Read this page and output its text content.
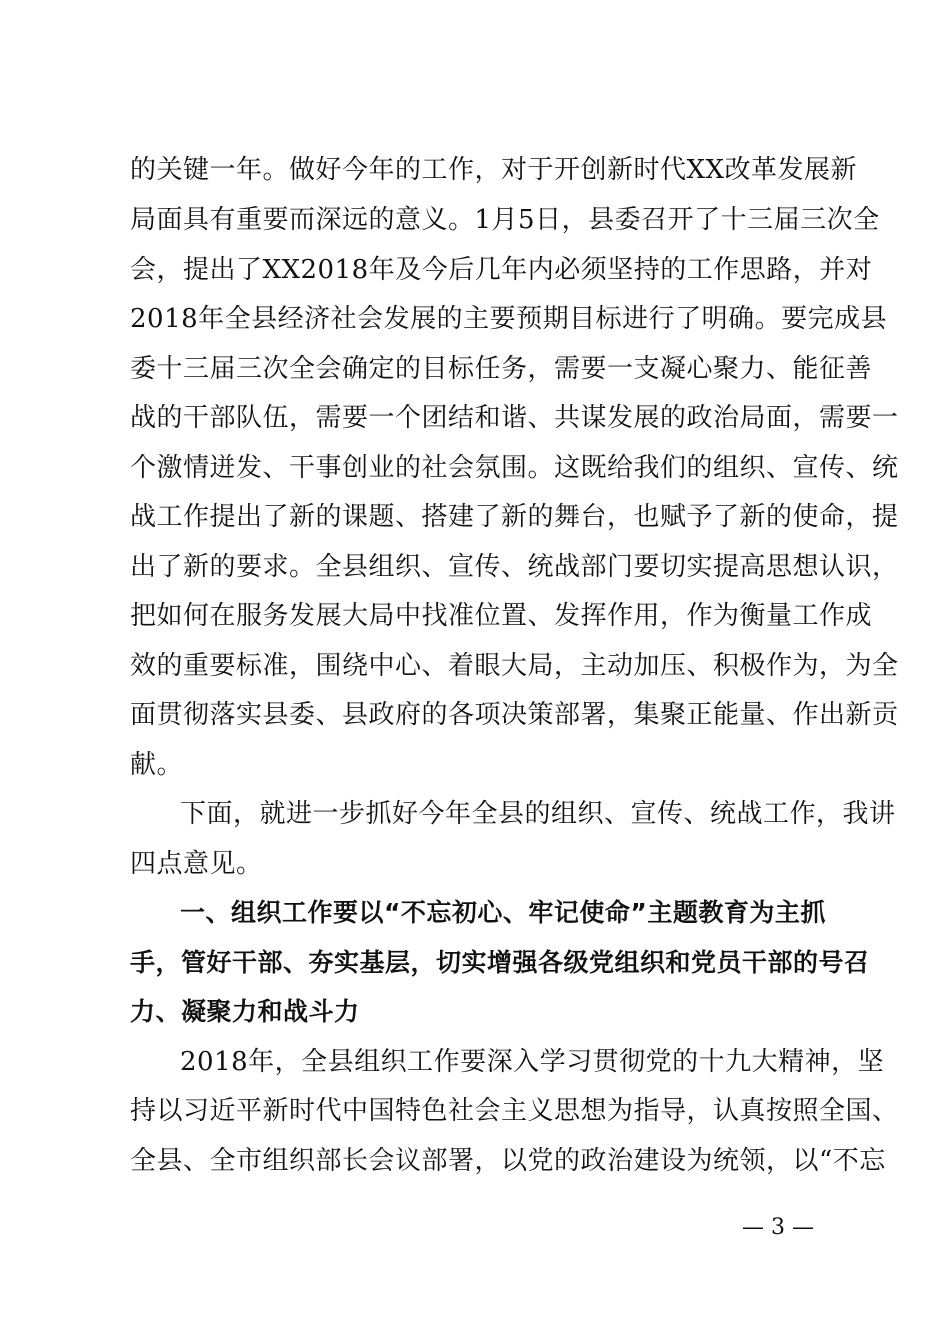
的关键一年。做好今年的工作，对于开创新时代XX改革发展新
局面具有重要而深远的意义。1月5日，县委召开了十三届三次全
会，提出了XX2018年及今后几年内必须坚持的工作思路，并对
2018年全县经济社会发展的主要预期目标进行了明确。要完成县
委十三届三次全会确定的目标任务，需要一支凝心聚力、能征善
战的干部队伍，需要一个团结和谐、共谋发展的政治局面，需要一
个激情迸发、干事创业的社会氛围。这既给我们的组织、宣传、统
战工作提出了新的课题、搭建了新的舞台，也赋予了新的使命，提
出了新的要求。全县组织、宣传、统战部门要切实提高思想认识，
把如何在服务发展大局中找准位置、发挥作用，作为衡量工作成
效的重要标准，围绕中心、着眼大局，主动加压、积极作为，为全
面贯彻落实县委、县政府的各项决策部署，集聚正能量、作出新贡
献。
下面，就进一步抓好今年全县的组织、宣传、统战工作，我讲
四点意见。
一、组织工作要以“不忘初心、牢记使命”主题教育为主抓
手，管好干部、夯实基层，切实增强各级党组织和党员干部的号召
力、凝聚力和战斗力
2018年，全县组织工作要深入学习贯彻党的十九大精神，坚
持以习近平新时代中国特色社会主义思想为指导，认真按照全国、
全县、全市组织部长会议部署，以党的政治建设为统领，以“不忘
— 3 —
